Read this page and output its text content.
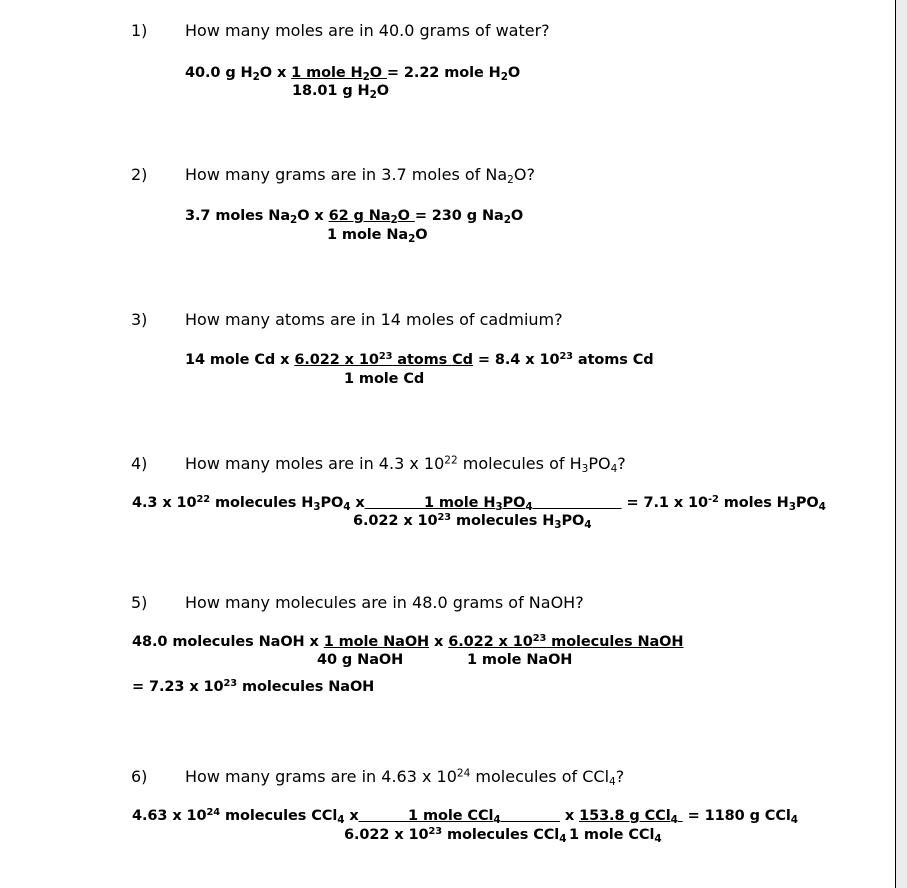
1) How many moles are in 40.0 grams of water?
40.0 g $H_2O$ x 1 mole $H_2O = 2.22$ mole $H_2O$
18.01 g $H_2O$
2) How many grams are in 3.7 moles of $Na_2O$?
3.7 moles $Na_2O$ x 62 g $Na_2O = 230$ g $Na_2O$
1 mole $Na_2O$
3) How many atoms are in 14 moles of cadmium?
14 mole Cd x 6.022 x $10^{23}$ atoms Cd = 8.4 x $10^{23}$ atoms Cd
1 mole Cd
4) How many moles are in 4.3 x $10^{22}$ molecules of $H_3PO_4$?
4.3 x $10^{22}$ molecules $H_3PO_4$ x            1 mole $H_3PO_4$	= 7.1 x $10^{-2}$ moles $H_3PO_4$
6.022 x $10^{23}$ molecules $H_3PO_4$
5) How many molecules are in 48.0 grams of NaOH?
48.0 molecules NaOH x 1 mole NaOH x 6.022 x $10^{23}$ molecules NaOH
40 g NaOH	1 mole NaOH
= 7.23 x $10^{23}$ molecules NaOH
6) How many grams are in 4.63 x $10^{24}$ molecules of CCl$_4$?
4.63 x $10^{24}$ molecules CCl$_4$ x          1 mole CCl$_4$	x 153.8 g CCl$_4$  = 1180 g CCl$_4$
6.022 x $10^{23}$ molecules CCl$_4$ 1 mole CCl$_4$
